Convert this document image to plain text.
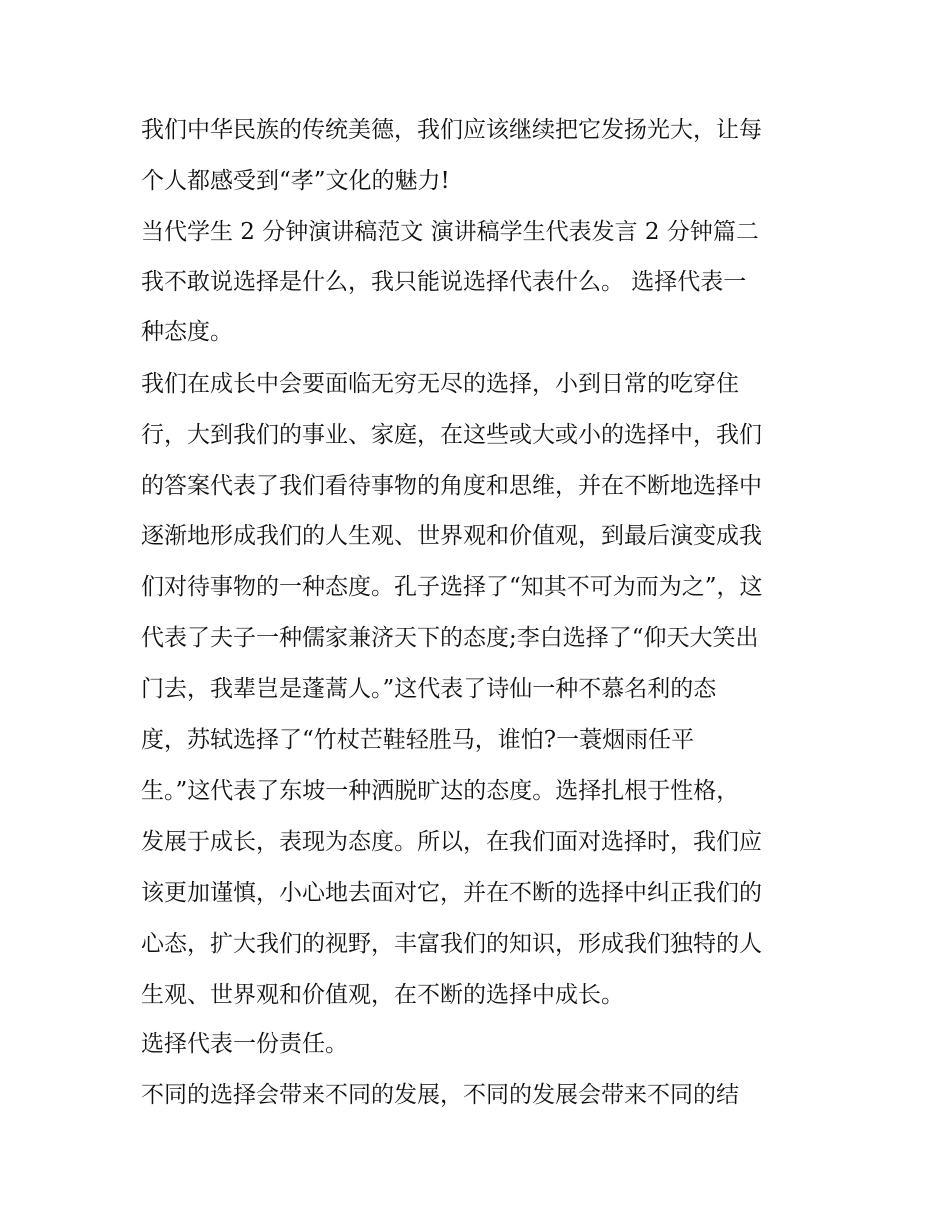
我们中华民族的传统美德，我们应该继续把它发扬光大，让每
个人都感受到“孝”文化的魅力!
当代学生 2 分钟演讲稿范文 演讲稿学生代表发言 2 分钟篇二
我不敢说选择是什么，我只能说选择代表什么。 选择代表一
种态度。
我们在成长中会要面临无穷无尽的选择，小到日常的吃穿住
行，大到我们的事业、家庭，在这些或大或小的选择中，我们
的答案代表了我们看待事物的角度和思维，并在不断地选择中
逐渐地形成我们的人生观、世界观和价值观，到最后演变成我
们对待事物的一种态度。孔子选择了“知其不可为而为之”，这
代表了夫子一种儒家兼济天下的态度;李白选择了“仰天大笑出
门去，我辈岂是蓬蒿人。”这代表了诗仙一种不慕名利的态
度，苏轼选择了“竹杖芒鞋轻胜马，谁怕?一蓑烟雨任平
生。”这代表了东坡一种洒脱旷达的态度。选择扎根于性格，
发展于成长，表现为态度。所以，在我们面对选择时，我们应
该更加谨慎，小心地去面对它，并在不断的选择中纠正我们的
心态，扩大我们的视野，丰富我们的知识，形成我们独特的人
生观、世界观和价值观，在不断的选择中成长。
选择代表一份责任。
不同的选择会带来不同的发展，不同的发展会带来不同的结
